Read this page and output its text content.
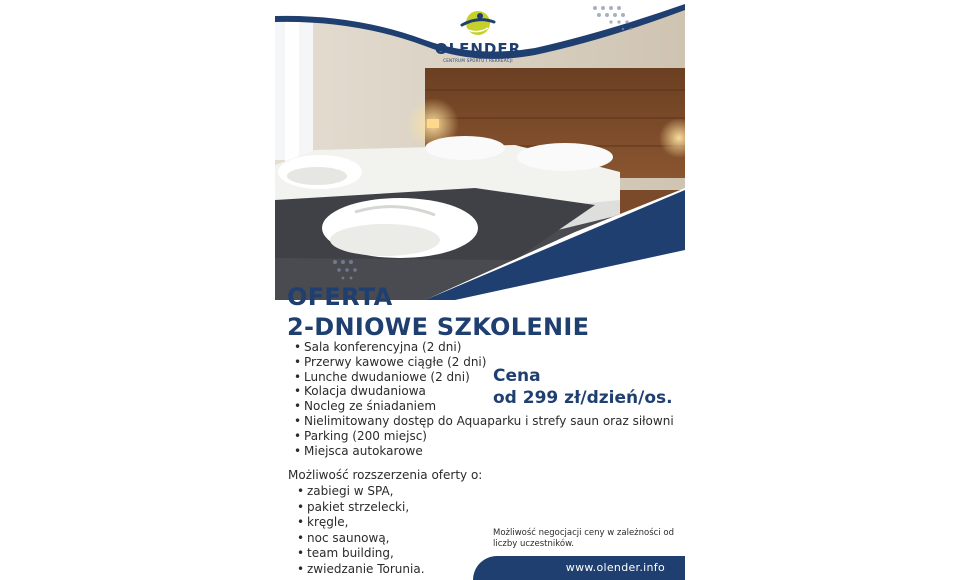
OLENDER
CENTRUM SPORTU I REKREACJI
OFERTA
2-DNIOWE SZKOLENIE
• Sala konferencyjna (2 dni)
• Przerwy kawowe ciągłe (2 dni)
• Lunche dwudaniowe (2 dni)
• Kolacja dwudaniowa
• Nocleg ze śniadaniem
• Nielimitowany dostęp do Aquaparku i strefy saun oraz siłowni
• Parking (200 miejsc)
• Miejsca autokarowe
Cena
od 299 zł/dzień/os.
Możliwość rozszerzenia oferty o:
• zabiegi w SPA,
• pakiet strzelecki,
• kręgle,
• noc saunową,
• team building,
• zwiedzanie Torunia.
Możliwość negocjacji ceny w zależności od liczby uczestników.
www.olender.info
